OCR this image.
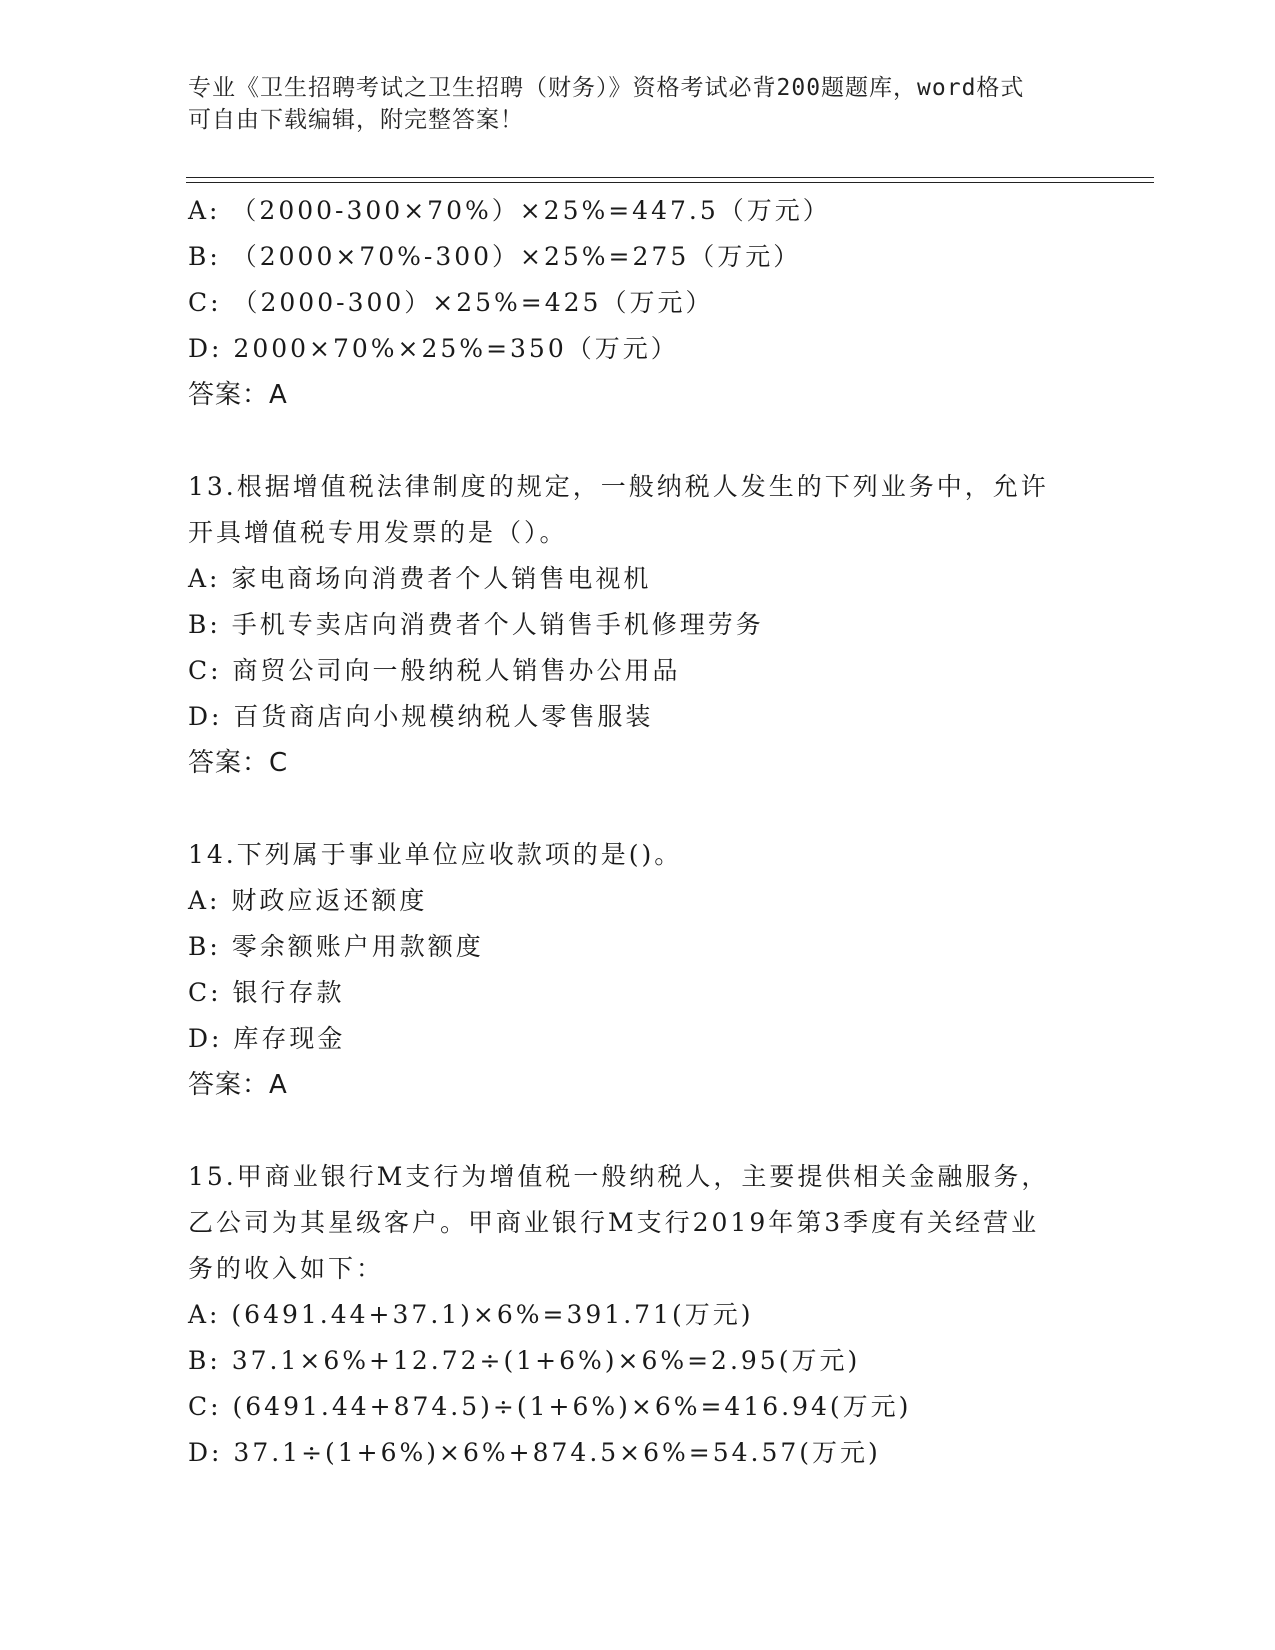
专业《卫生招聘考试之卫生招聘（财务）》资格考试必背200题题库，word格式
可自由下载编辑，附完整答案！
A: （2000-300×70%）×25%=447.5（万元）
B: （2000×70%-300）×25%=275（万元）
C: （2000-300）×25%=425（万元）
D: 2000×70%×25%=350（万元）
答案：A
13.根据增值税法律制度的规定，一般纳税人发生的下列业务中，允许
开具增值税专用发票的是（）。
A: 家电商场向消费者个人销售电视机
B: 手机专卖店向消费者个人销售手机修理劳务
C: 商贸公司向一般纳税人销售办公用品
D: 百货商店向小规模纳税人零售服装
答案：C
14.下列属于事业单位应收款项的是()。
A: 财政应返还额度
B: 零余额账户用款额度
C: 银行存款
D: 库存现金
答案：A
15.甲商业银行M支行为增值税一般纳税人，主要提供相关金融服务，
乙公司为其星级客户。甲商业银行M支行2019年第3季度有关经营业
务的收入如下：
A: (6491.44+37.1)×6%=391.71(万元)
B: 37.1×6%+12.72÷(1+6%)×6%=2.95(万元)
C: (6491.44+874.5)÷(1+6%)×6%=416.94(万元)
D: 37.1÷(1+6%)×6%+874.5×6%=54.57(万元)
